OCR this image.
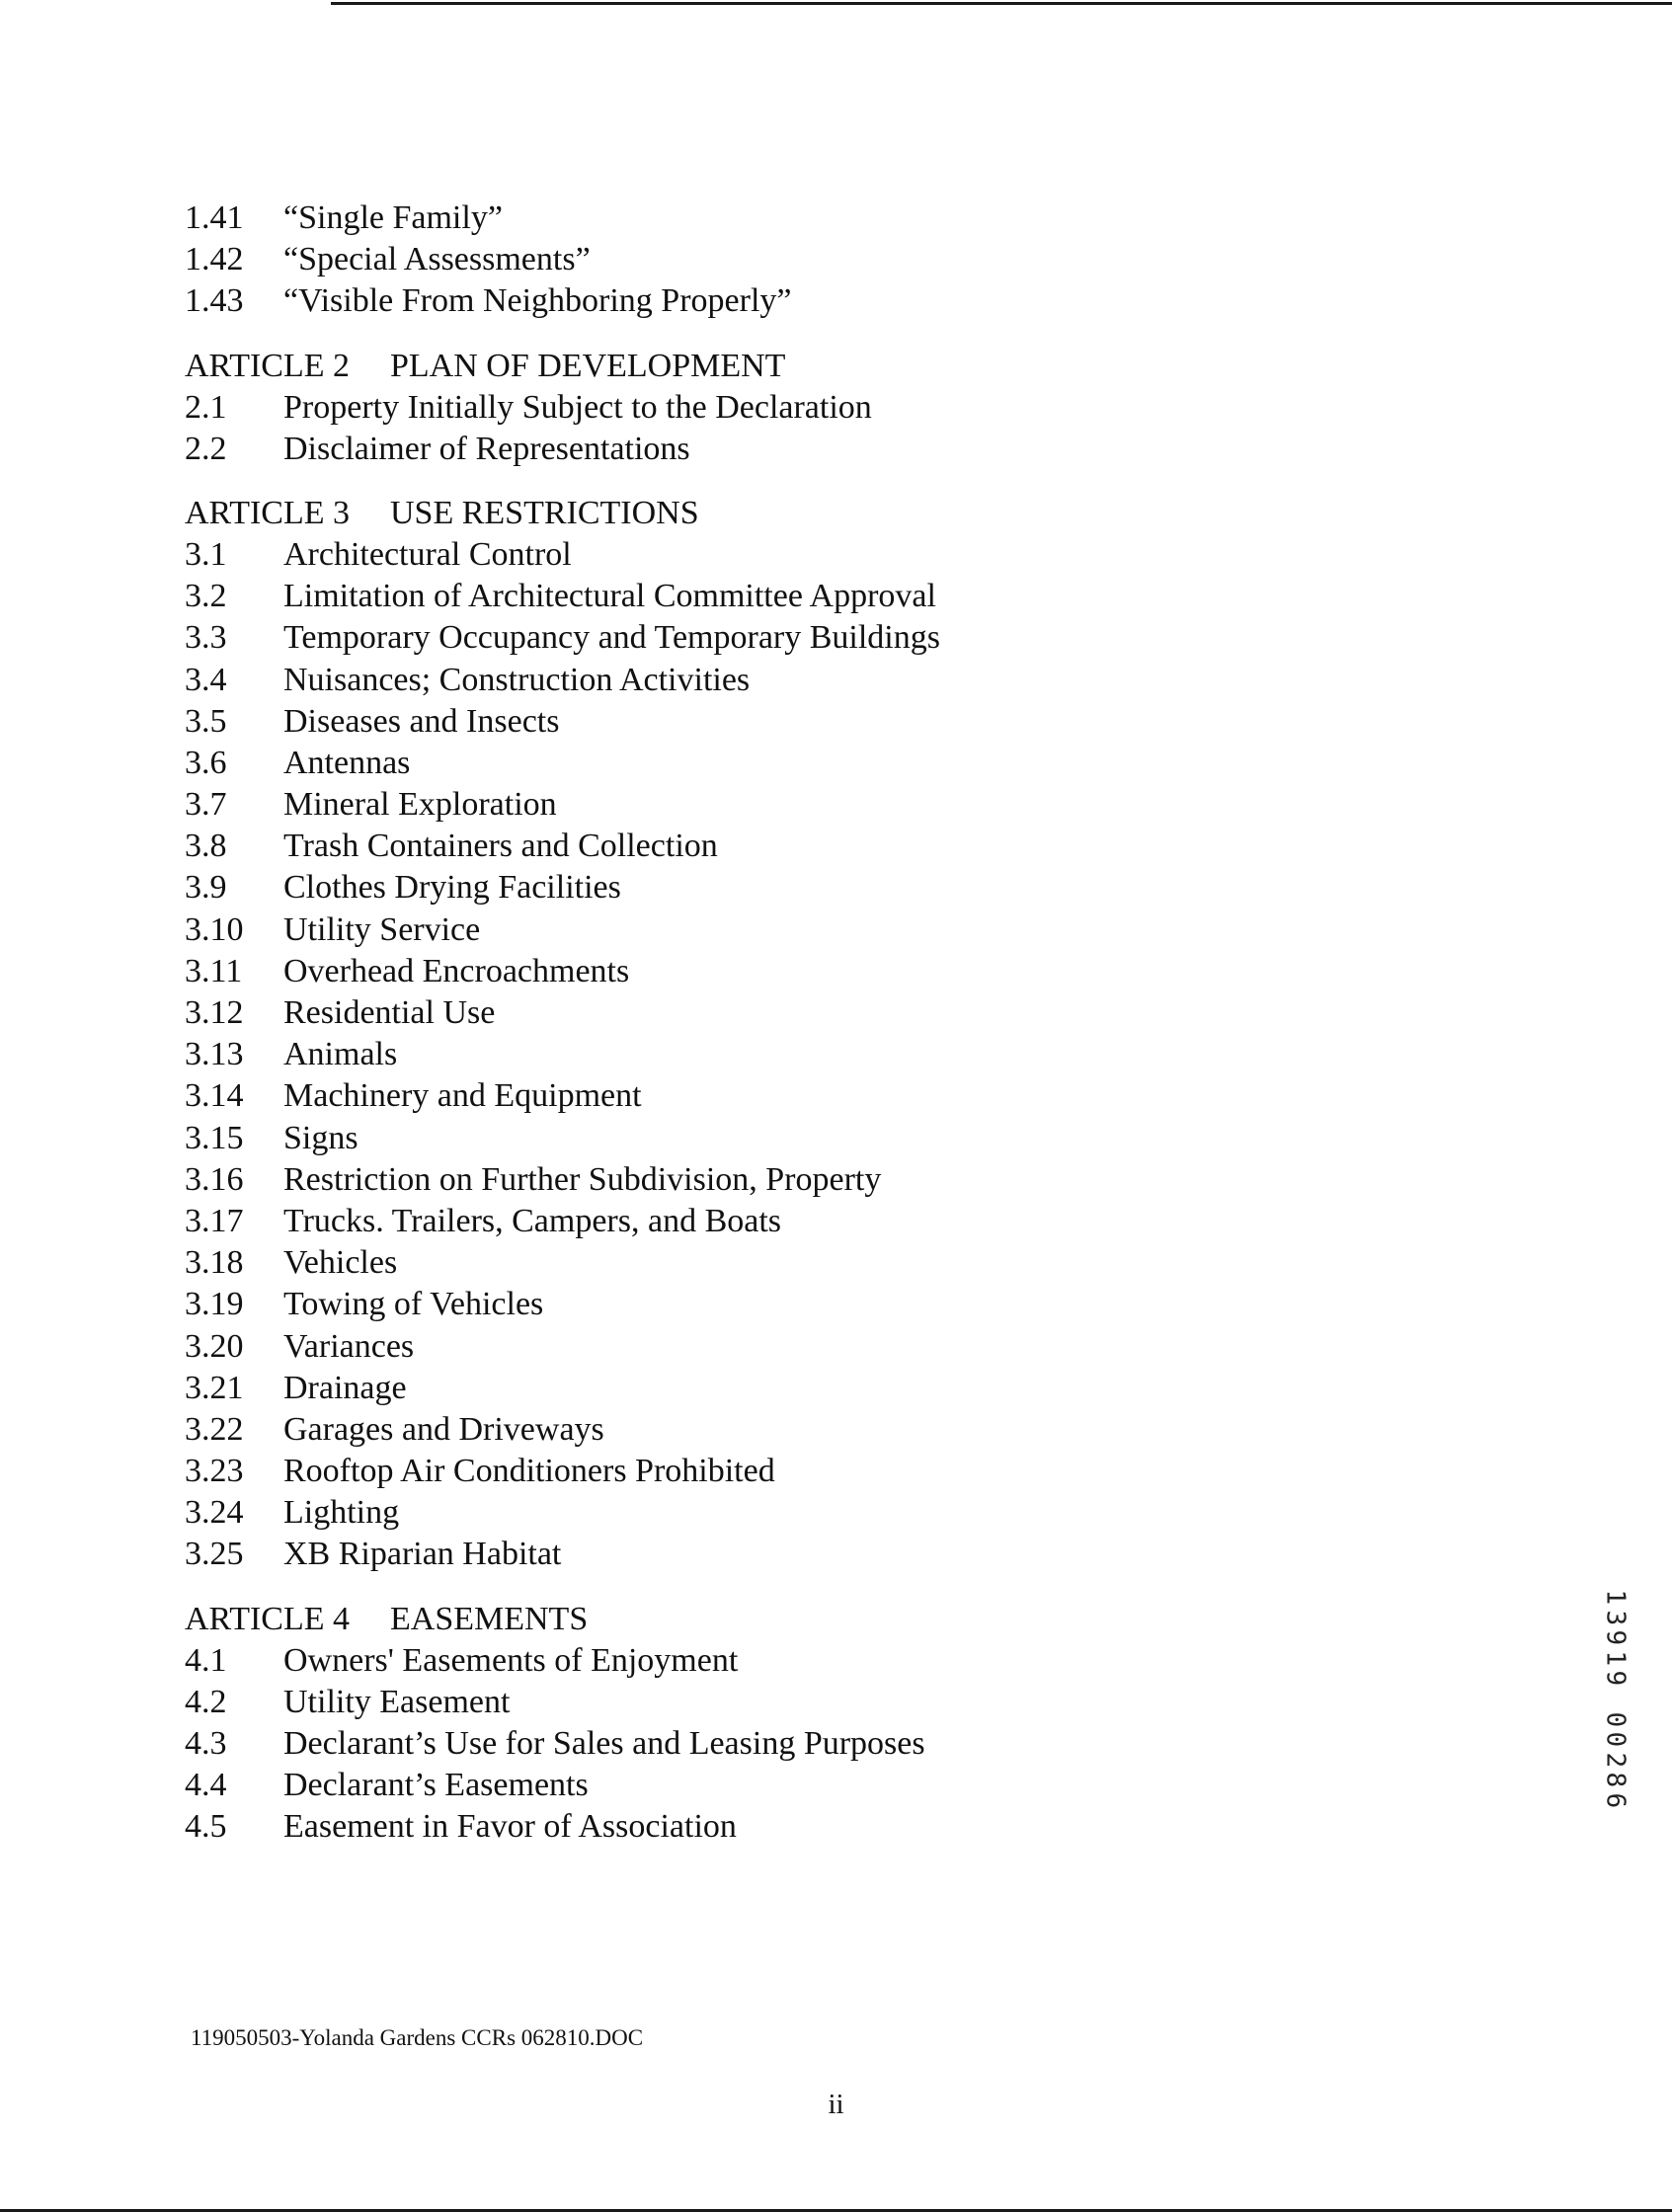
1.41 “Single Family”
1.42 “Special Assessments”
1.43 “Visible From Neighboring Properly”
ARTICLE 2 PLAN OF DEVELOPMENT
2.1 Property Initially Subject to the Declaration
2.2 Disclaimer of Representations
ARTICLE 3 USE RESTRICTIONS
3.1 Architectural Control
3.2 Limitation of Architectural Committee Approval
3.3 Temporary Occupancy and Temporary Buildings
3.4 Nuisances; Construction Activities
3.5 Diseases and Insects
3.6 Antennas
3.7 Mineral Exploration
3.8 Trash Containers and Collection
3.9 Clothes Drying Facilities
3.10 Utility Service
3.11 Overhead Encroachments
3.12 Residential Use
3.13 Animals
3.14 Machinery and Equipment
3.15 Signs
3.16 Restriction on Further Subdivision, Property
3.17 Trucks. Trailers, Campers, and Boats
3.18 Vehicles
3.19 Towing of Vehicles
3.20 Variances
3.21 Drainage
3.22 Garages and Driveways
3.23 Rooftop Air Conditioners Prohibited
3.24 Lighting
3.25 XB Riparian Habitat
ARTICLE 4 EASEMENTS
4.1 Owners' Easements of Enjoyment
4.2 Utility Easement
4.3 Declarant’s Use for Sales and Leasing Purposes
4.4 Declarant’s Easements
4.5 Easement in Favor of Association
1
3
9
1
9

0
0
2
8
6
119050503-Yolanda Gardens CCRs 062810.DOC
ii
